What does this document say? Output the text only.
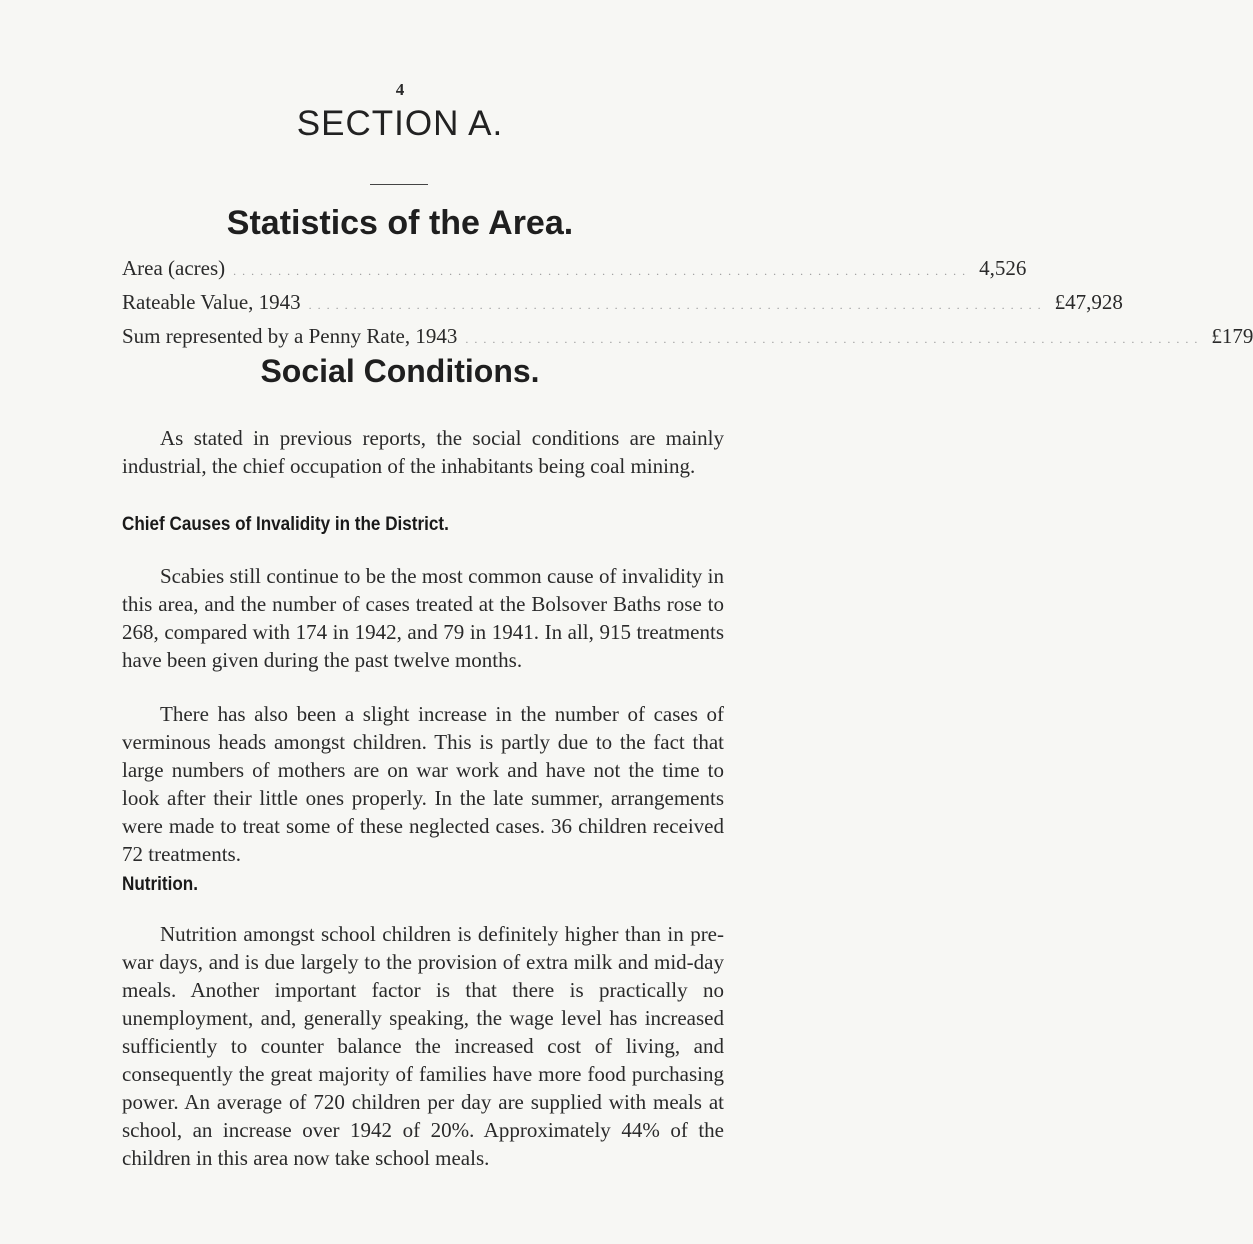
4
SECTION A.
Statistics of the Area.
Area (acres) .................................................................................. 4,526
Rateable Value, 1943 .................................................................................. £47,928
Sum represented by a Penny Rate, 1943 .................................................................................. £179
Social Conditions.

As stated in previous reports, the social conditions are mainly industrial, the chief occupation of the inhabitants being coal mining.

Chief Causes of Invalidity in the District.

Scabies still continue to be the most common cause of invalidity in this area, and the number of cases treated at the Bolsover Baths rose to 268, compared with 174 in 1942, and 79 in 1941. In all, 915 treatments have been given during the past twelve months.

There has also been a slight increase in the number of cases of verminous heads amongst children. This is partly due to the fact that large numbers of mothers are on war work and have not the time to look after their little ones properly. In the late summer, arrangements were made to treat some of these neglected cases. 36 children received 72 treatments.

Nutrition.

Nutrition amongst school children is definitely higher than in pre-war days, and is due largely to the provision of extra milk and mid-day meals. Another important factor is that there is practically no unemployment, and, generally speaking, the wage level has increased sufficiently to counter balance the increased cost of living, and consequently the great majority of families have more food purchasing power. An average of 720 children per day are supplied with meals at school, an increase over 1942 of 20%. Approximately 44% of the children in this area now take school meals.
